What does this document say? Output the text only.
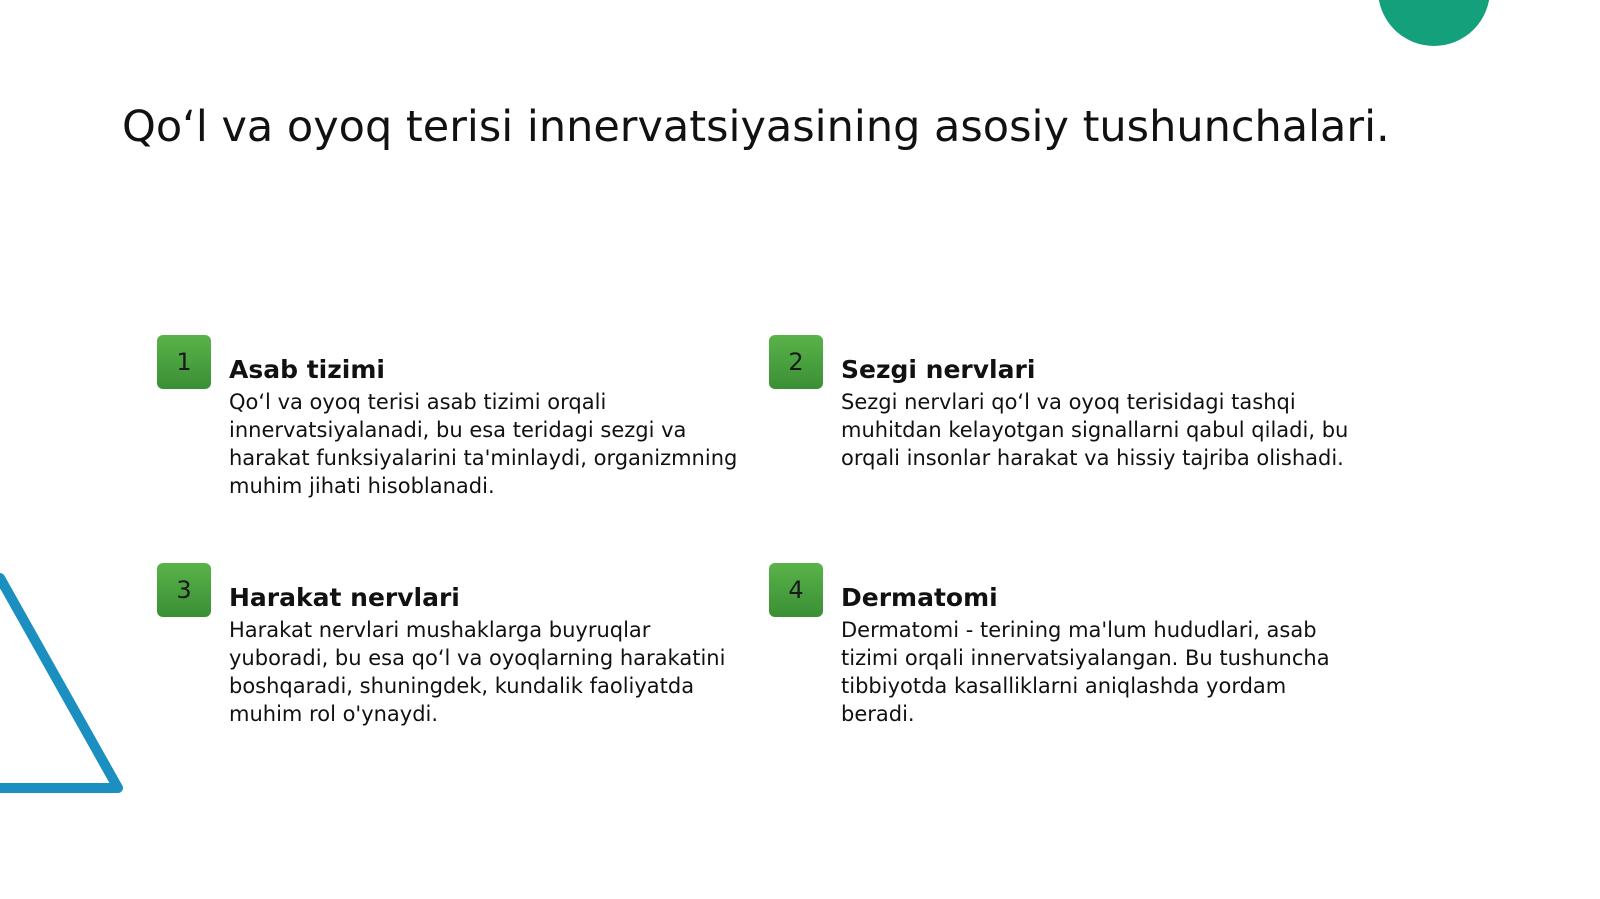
Qo‘l va oyoq terisi innervatsiyasining asosiy tushunchalari.
1	Asab tizimi

Qo‘l va oyoq terisi asab tizimi orqali innervatsiyalanadi, bu esa teridagi sezgi va harakat funksiyalarini ta'minlaydi, organizmning muhim jihati hisoblanadi.

2	Sezgi nervlari

Sezgi nervlari qo‘l va oyoq terisidagi tashqi muhitdan kelayotgan signallarni qabul qiladi, bu orqali insonlar harakat va hissiy tajriba olishadi.

3	Harakat nervlari

Harakat nervlari mushaklarga buyruqlar yuboradi, bu esa qo‘l va oyoqlarning harakatini boshqaradi, shuningdek, kundalik faoliyatda muhim rol o'ynaydi.

4	Dermatomi

Dermatomi - terining ma'lum hududlari, asab tizimi orqali innervatsiyalangan. Bu tushuncha tibbiyotda kasalliklarni aniqlashda yordam beradi.
